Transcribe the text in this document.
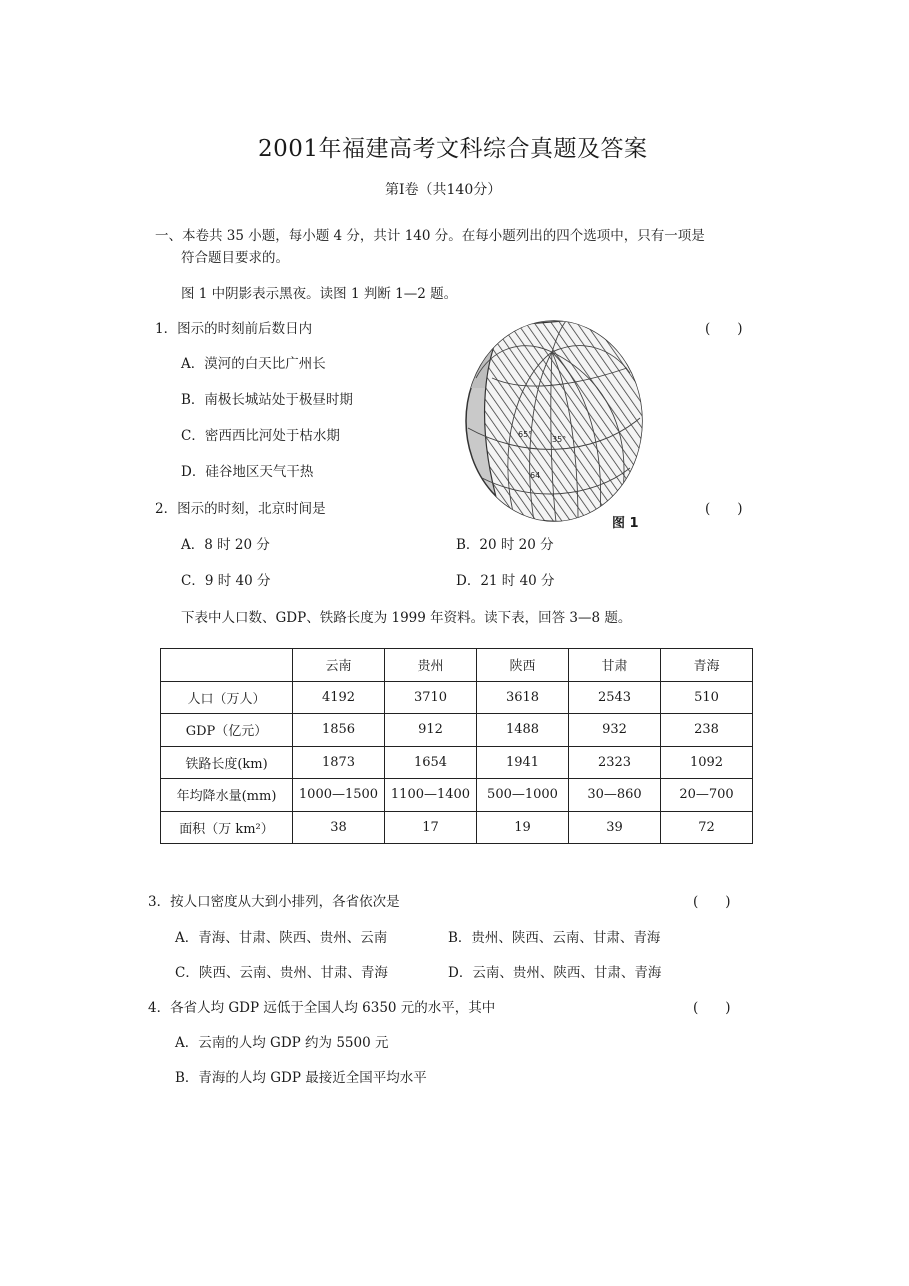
2001年福建高考文科综合真题及答案
第Ⅰ卷（共140分）
一、本卷共 35 小题，每小题 4 分，共计 140 分。在每小题列出的四个选项中，只有一项是
符合题目要求的。
图 1 中阴影表示黑夜。读图 1 判断 1—2 题。
1．图示的时刻前后数日内	(　　)
A．漠河的白天比广州长
B．南极长城站处于极昼时期
C．密西西比河处于枯水期
D．硅谷地区天气干热
65°
35°
64
图 1
2．图示的时刻，北京时间是	(　　)
A．8 时 20 分	B．20 时 20 分
C．9 时 40 分	D．21 时 40 分
下表中人口数、GDP、铁路长度为 1999 年资料。读下表，回答 3—8 题。
	云南	贵州	陕西	甘肃	青海
人口（万人）	4192	3710	3618	2543	510
GDP（亿元）	1856	912	1488	932	238
铁路长度(km)	1873	1654	1941	2323	1092
年均降水量(mm)	1000—1500	1100—1400	500—1000	30—860	20—700
面积（万 km²）	38	17	19	39	72
3．按人口密度从大到小排列，各省依次是	(　　)
A．青海、甘肃、陕西、贵州、云南	B．贵州、陕西、云南、甘肃、青海
C．陕西、云南、贵州、甘肃、青海	D．云南、贵州、陕西、甘肃、青海
4．各省人均 GDP 远低于全国人均 6350 元的水平，其中	(　　)
A．云南的人均 GDP 约为 5500 元
B．青海的人均 GDP 最接近全国平均水平
